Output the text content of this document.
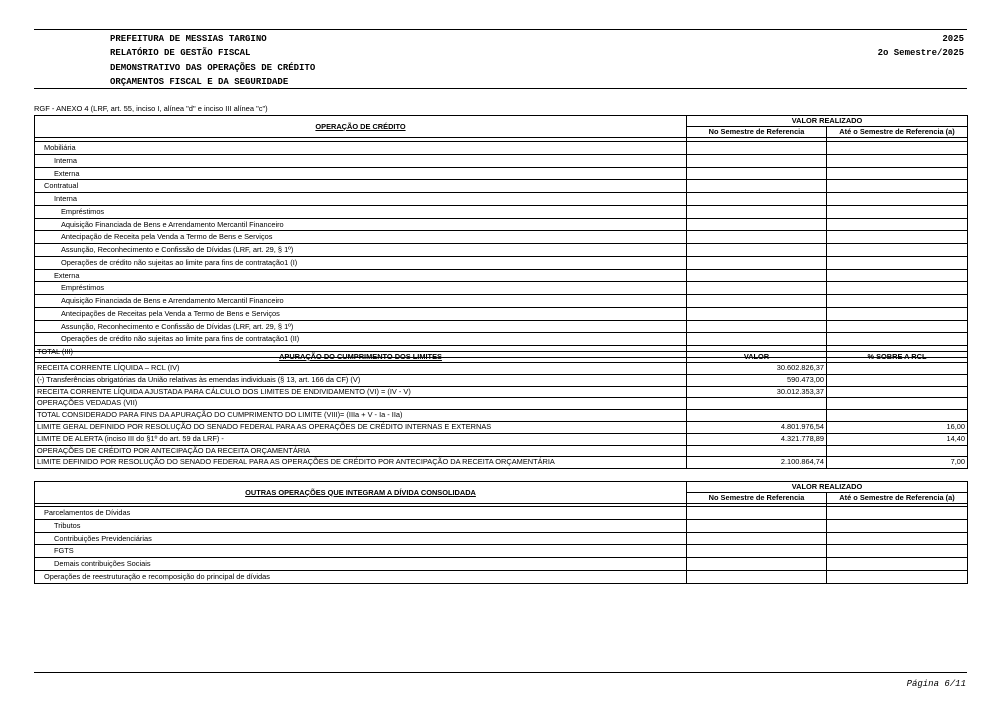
PREFEITURA DE MESSIAS TARGINO
RELATÓRIO DE GESTÃO FISCAL
DEMONSTRATIVO DAS OPERAÇÕES DE CRÉDITO
ORÇAMENTOS FISCAL E DA SEGURIDADE
2025
2o Semestre/2025
RGF - ANEXO 4 (LRF, art. 55, inciso I, alínea "d" e inciso III alínea "c")
OPERAÇÃO DE CRÉDITO	VALOR REALIZADO	
	No Semestre de Referencia	Até o Semestre de Referencia (a)

Mobiliária		
Interna		
Externa		
Contratual		
Interna		
Empréstimos		
Aquisição Financiada de Bens e Arrendamento Mercantil Financeiro		
Antecipação de Receita pela Venda a Termo de Bens e Serviços		
Assunção, Reconhecimento e Confissão de Dívidas (LRF, art. 29, § 1º)		
Operações de crédito não sujeitas ao limite para fins de contratação1 (I)		
Externa		
Empréstimos		
Aquisição Financiada de Bens e Arrendamento Mercantil Financeiro		
Antecipações de Receitas pela Venda a Termo de Bens e Serviços		
Assunção, Reconhecimento e Confissão de Dívidas (LRF, art. 29, § 1º)		
Operações de crédito não sujeitas ao limite para fins de contratação1 (II)		
TOTAL (III)		
APURAÇÃO DO CUMPRIMENTO DOS LIMITES	VALOR	% SOBRE A RCL
RECEITA CORRENTE LÍQUIDA – RCL (IV)	30.602.826,37	
(-) Transferências obrigatórias da União relativas às emendas individuais (§ 13, art. 166 da CF) (V)	590.473,00	
RECEITA CORRENTE LÍQUIDA AJUSTADA PARA CÁLCULO DOS LIMITES DE ENDIVIDAMENTO (VI) = (IV - V)	30.012.353,37	
OPERAÇÕES VEDADAS (VII)		
TOTAL CONSIDERADO PARA FINS DA APURAÇÃO DO CUMPRIMENTO DO LIMITE (VIII)= (IIIa + V - Ia - IIa)		
LIMITE GERAL DEFINIDO POR RESOLUÇÃO DO SENADO FEDERAL PARA AS OPERAÇÕES DE CRÉDITO INTERNAS E EXTERNAS	4.801.976,54	16,00
LIMITE DE ALERTA (inciso III do §1º do art. 59 da LRF) -	4.321.778,89	14,40
OPERAÇÕES DE CRÉDITO POR ANTECIPAÇÃO DA RECEITA ORÇAMENTÁRIA		
LIMITE DEFINIDO POR RESOLUÇÃO DO SENADO FEDERAL PARA AS OPERAÇÕES DE CRÉDITO POR ANTECIPAÇÃO DA RECEITA ORÇAMENTÁRIA	2.100.864,74	7,00
OUTRAS OPERAÇÕES QUE INTEGRAM A DÍVIDA CONSOLIDADA	VALOR REALIZADO	
	No Semestre de Referencia	Até o Semestre de Referencia (a)

Parcelamentos de Dívidas		
Tributos		
Contribuições Previdenciárias		
FGTS		
Demais contribuições Sociais		
Operações de reestruturação e recomposição do principal de dívidas		
Página 6/11
